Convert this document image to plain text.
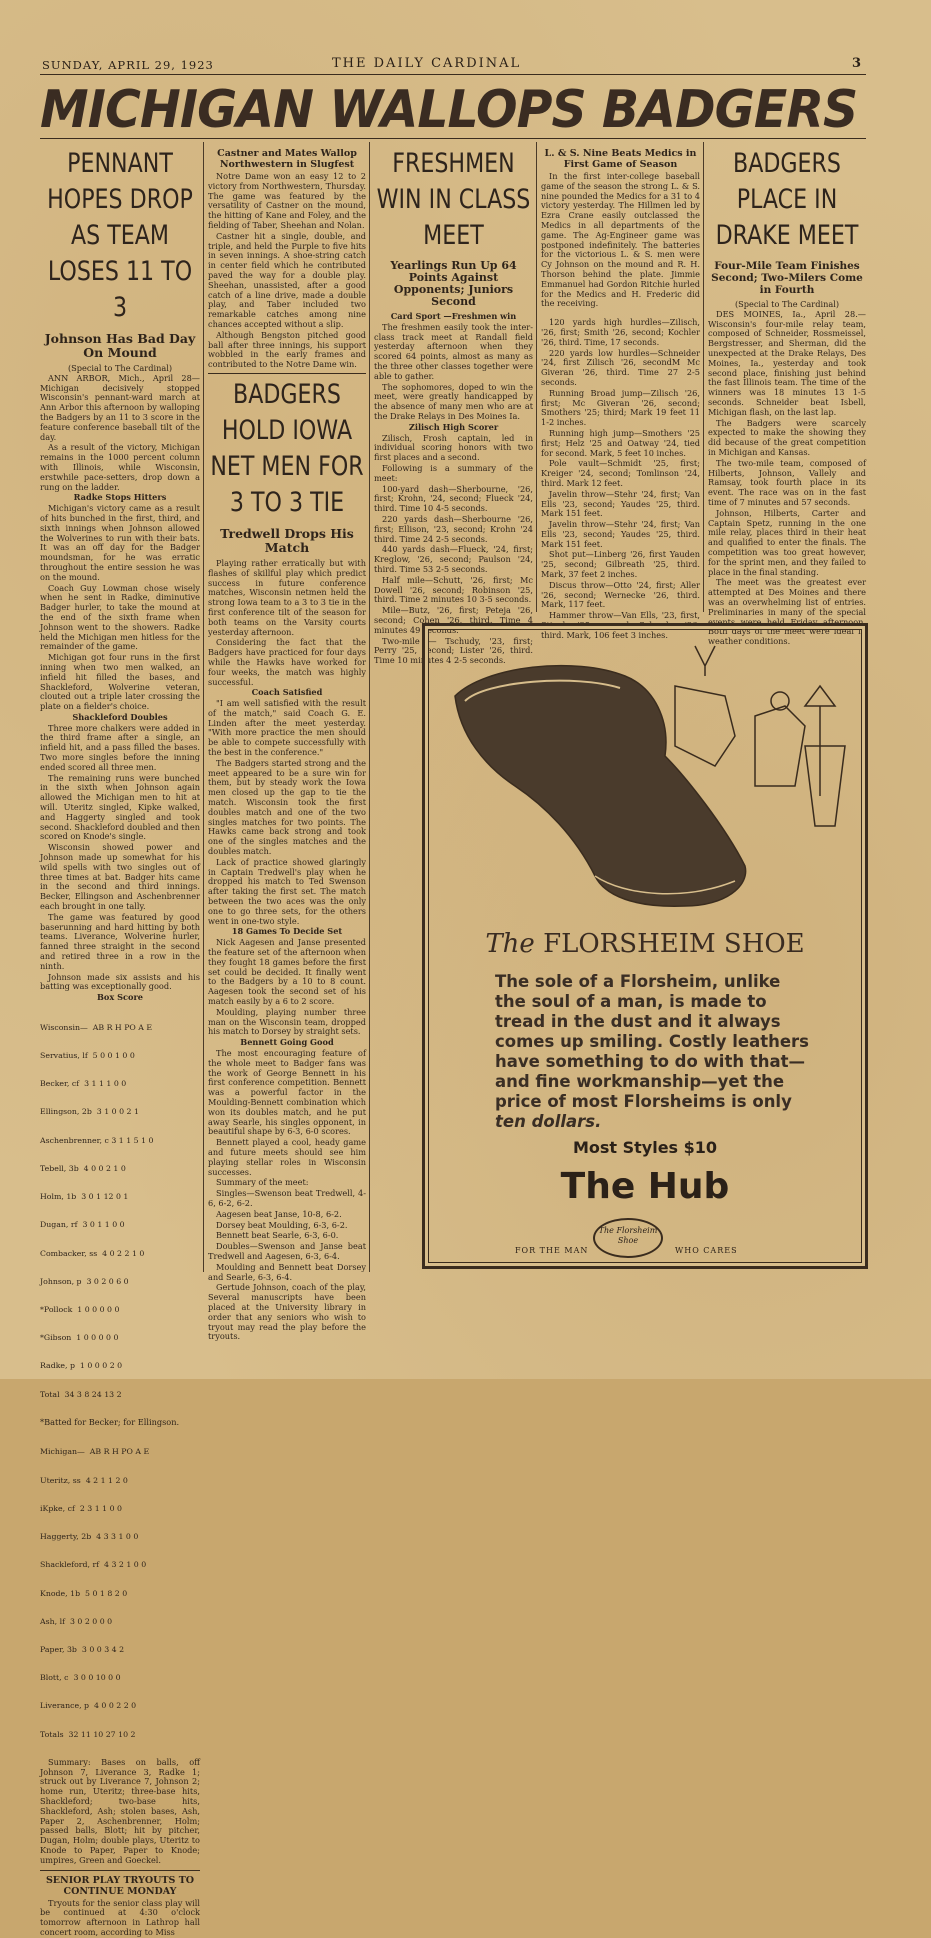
SUNDAY, APRIL 29, 1923	THE DAILY CARDINAL	3
MICHIGAN WALLOPS BADGERS
PENNANT HOPES DROP AS TEAM LOSES 11 TO 3
Johnson Has Bad Day On Mound
(Special to The Cardinal)

ANN ARBOR, Mich., April 28—Michigan decisively stopped Wisconsin's pennant-ward march at Ann Arbor this afternoon by walloping the Badgers by an 11 to 3 score in the feature conference baseball tilt of the day.

As a result of the victory, Michigan remains in the 1000 percent column with Illinois, while Wisconsin, erstwhile pace-setters, drop down a rung on the ladder.

Radke Stops Hitters

Michigan's victory came as a result of hits bunched in the first, third, and sixth innings when Johnson allowed the Wolverines to run with their bats. It was an off day for the Badger moundsman, for he was erratic throughout the entire session he was on the mound.

Coach Guy Lowman chose wisely when he sent in Radke, diminutive Badger hurler, to take the mound at the end of the sixth frame when Johnson went to the showers. Radke held the Michigan men hitless for the remainder of the game.

Michigan got four runs in the first inning when two men walked, an infield hit filled the bases, and Shackleford, Wolverine veteran, clouted out a triple later crossing the plate on a fielder's choice.

Shackleford Doubles

Three more chalkers were added in the third frame after a single, an infield hit, and a pass filled the bases. Two more singles before the inning ended scored all three men.

The remaining runs were bunched in the sixth when Johnson again allowed the Michigan men to hit at will. Uteritz singled, Kipke walked, and Haggerty singled and took second. Shackleford doubled and then scored on Knode's single.

Wisconsin showed power and Johnson made up somewhat for his wild spells with two singles out of three times at bat. Badger hits came in the second and third innings. Becker, Ellingson and Aschenbrenner each brought in one tally.

The game was featured by good baserunning and hard hitting by both teams. Liverance, Wolverine hurler, fanned three straight in the second and retired three in a row in the ninth.

Johnson made six assists and his batting was exceptionally good.

Box Score

Wisconsin—  AB R H PO A E

Servatius, lf  5 0 0 1 0 0

Becker, cf  3 1 1 1 0 0

Ellingson, 2b  3 1 0 0 2 1

Aschenbrenner, c 3 1 1 5 1 0

Tebell, 3b  4 0 0 2 1 0

Holm, 1b  3 0 1 12 0 1

Dugan, rf  3 0 1 1 0 0

Combacker, ss  4 0 2 2 1 0

Johnson, p  3 0 2 0 6 0

*Pollock  1 0 0 0 0 0

*Gibson  1 0 0 0 0 0

Radke, p  1 0 0 0 2 0

Total  34 3 8 24 13 2

*Batted for Becker; for Ellingson.

Michigan—  AB R H PO A E

Uteritz, ss  4 2 1 1 2 0

iKpke, cf  2 3 1 1 0 0

Haggerty, 2b  4 3 3 1 0 0

Shackleford, rf  4 3 2 1 0 0

Knode, 1b  5 0 1 8 2 0

Ash, lf  3 0 2 0 0 0

Paper, 3b  3 0 0 3 4 2

Blott, c  3 0 0 10 0 0

Liverance, p  4 0 0 2 2 0

Totals  32 11 10 27 10 2

Summary: Bases on balls, off Johnson 7, Liverance 3, Radke 1; struck out by Liverance 7, Johnson 2; home run, Uteritz; three-base hits, Shackleford; two-base hits, Shackleford, Ash; stolen bases, Ash, Paper 2, Aschenbrenner, Holm; passed balls, Blott; hit by pitcher, Dugan, Holm; double plays, Uteritz to Knode to Paper, Paper to Knode; umpires, Green and Goeckel.

SENIOR PLAY TRYOUTS TO CONTINUE MONDAY

Tryouts for the senior class play will be continued at 4:30 o'clock tomorrow afternoon in Lathrop hall concert room, according to Miss

Castner and Mates Wallop Northwestern in Slugfest

Notre Dame won an easy 12 to 2 victory from Northwestern, Thursday. The game was featured by the versatility of Castner on the mound, the hitting of Kane and Foley, and the fielding of Taber, Sheehan and Nolan.

Castner hit a single, double, and triple, and held the Purple to five hits in seven innings. A shoe-string catch in center field which he contributed paved the way for a double play. Sheehan, unassisted, after a good catch of a line drive, made a double play, and Taber included two remarkable catches among nine chances accepted without a slip.

Although Bengston pitched good ball after three innings, his support wobbled in the early frames and contributed to the Notre Dame win.

BADGERS HOLD IOWA NET MEN FOR 3 TO 3 TIE
Tredwell Drops His Match

Playing rather erratically but with flashes of skillful play which predict success in future conference matches, Wisconsin netmen held the strong Iowa team to a 3 to 3 tie in the first conference tilt of the season for both teams on the Varsity courts yesterday afternoon.

Considering the fact that the Badgers have practiced for four days while the Hawks have worked for four weeks, the match was highly successful.

Coach Satisfied

"I am well satisfied with the result of the match," said Coach G. E. Linden after the meet yesterday. "With more practice the men should be able to compete successfully with the best in the conference."

The Badgers started strong and the meet appeared to be a sure win for them, but by steady work the Iowa men closed up the gap to tie the match. Wisconsin took the first doubles match and one of the two singles matches for two points. The Hawks came back strong and took one of the singles matches and the doubles match.

Lack of practice showed glaringly in Captain Tredwell's play when he dropped his match to Ted Swenson after taking the first set. The match between the two aces was the only one to go three sets, for the others went in one-two style.

18 Games To Decide Set

Nick Aagesen and Janse presented the feature set of the afternoon when they fought 18 games before the first set could be decided. It finally went to the Badgers by a 10 to 8 count. Aagesen took the second set of his match easily by a 6 to 2 score.

Moulding, playing number three man on the Wisconsin team, dropped his match to Dorsey by straight sets.

Bennett Going Good

The most encouraging feature of the whole meet to Badger fans was the work of George Bennett in his first conference competition. Bennett was a powerful factor in the Moulding-Bennett combination which won its doubles match, and he put away Searle, his singles opponent, in beautiful shape by 6-3, 6-0 scores.

Bennett played a cool, heady game and future meets should see him playing stellar roles in Wisconsin successes.

Summary of the meet:

Singles—Swenson beat Tredwell, 4-6, 6-2, 6-2.

Aagesen beat Janse, 10-8, 6-2.

Dorsey beat Moulding, 6-3, 6-2.

Bennett beat Searle, 6-3, 6-0.

Doubles—Swenson and Janse beat Tredwell and Aagesen, 6-3, 6-4.

Moulding and Bennett beat Dorsey and Searle, 6-3, 6-4.

Gertude Johnson, coach of the play, Several manuscripts have been placed at the University library in order that any seniors who wish to tryout may read the play before the tryouts.

FRESHMEN WIN IN CLASS MEET
Yearlings Run Up 64 Points Against Opponents; Juniors Second

Card Sport —Freshmen win

The freshmen easily took the inter-class track meet at Randall field yesterday afternoon when they scored 64 points, almost as many as the three other classes together were able to gather.

The sophomores, doped to win the meet, were greatly handicapped by the absence of many men who are at the Drake Relays in Des Moines Ia.

Zilisch High Scorer

Zilisch, Frosh captain, led in individual scoring honors with two first places and a second.

Following is a summary of the meet:

100-yard dash—Sherbourne, '26, first; Krohn, '24, second; Flueck '24, third. Time 10 4-5 seconds.

220 yards dash—Sherbourne '26, first; Ellison, '23, second; Krohn '24 third. Time 24 2-5 seconds.

440 yards dash—Flueck, '24, first; Kreglow, '26, second; Paulson '24, third. Time 53 2-5 seconds.

Half mile—Schutt, '26, first; Mc Dowell '26, second; Robinson '25, third. Time 2 minutes 10 3-5 seconds.

Mile—Butz, '26, first; Peteja '26, second; Cohen '26, third. Time 4 minutes 49 seconds.

Two-mile — Tschudy, '23, first; Perry '25, second; Lister '26, third. Time 10 minutes 4 2-5 seconds.

L. & S. Nine Beats Medics in First Game of Season

In the first inter-college baseball game of the season the strong L. & S. nine pounded the Medics for a 31 to 4 victory yesterday. The Hillmen led by Ezra Crane easily outclassed the Medics in all departments of the game. The Ag-Engineer game was postponed indefinitely. The batteries for the victorious L. & S. men were Cy Johnson on the mound and R. H. Thorson behind the plate. Jimmie Emmanuel had Gordon Ritchie hurled for the Medics and H. Frederic did the receiving.

120 yards high hurdles—Zilisch, '26, first; Smith '26, second; Kochler '26, third. Time, 17 seconds.

220 yards low hurdles—Schneider '24, first Zilisch '26, secondM Mc Giveran '26, third. Time 27 2-5 seconds.

Running Broad jump—Zilisch '26, first; Mc Giveran '26, second; Smothers '25; third; Mark 19 feet 11 1-2 inches.

Running high jump—Smothers '25 first; Helz '25 and Oatway '24, tied for second. Mark, 5 feet 10 inches.

Pole vault—Schmidt '25, first; Kreiger '24, second; Tomlinson '24, third. Mark 12 feet.

Javelin throw—Stehr '24, first; Van Ells '23, second; Yaudes '25, third. Mark 151 feet.

Javelin throw—Stehr '24, first; Van Ells '23, second; Yaudes '25, third. Mark 151 feet.

Shot put—Linberg '26, first Yauden '25, second; Gilbreath '25, third. Mark, 37 feet 2 inches.

Discus throw—Otto '24, first; Aller '26, second; Wernecke '26, third. Mark, 117 feet.

Hammer throw—Van Ells, '23, first, Stipek, '25, second; Schrader '26, third. Mark, 106 feet 3 inches.

BADGERS PLACE IN DRAKE MEET
Four-Mile Team Finishes Second; Two-Milers Come in Fourth
(Special to The Cardinal)

DES MOINES, Ia., April 28.—Wisconsin's four-mile relay team, composed of Schneider, Rossmeissel, Bergstresser, and Sherman, did the unexpected at the Drake Relays, Des Moines, Ia., yesterday and took second place, finishing just behind the fast Illinois team. The time of the winners was 18 minutes 13 1-5 seconds. Schneider beat Isbell, Michigan flash, on the last lap.

The Badgers were scarcely expected to make the showing they did because of the great competition in Michigan and Kansas.

The two-mile team, composed of Hilberts, Johnson, Vallely and Ramsay, took fourth place in its event. The race was on in the fast time of 7 minutes and 57 seconds.

Johnson, Hilberts, Carter and Captain Spetz, running in the one mile relay, places third in their heat and qualified to enter the finals. The competition was too great however, for the sprint men, and they failed to place in the final standing.

The meet was the greatest ever attempted at Des Moines and there was an overwhelming list of entries. Preliminaries in many of the special events were held Friday afternoon. Both days of the meet were ideal in weather conditions.

The FLORSHEIM SHOE
The sole of a Florsheim, unlike the soul of a man, is made to tread in the dust and it always comes up smiling. Costly leathers have something to do with that—and fine workmanship—yet the price of most Florsheims is only ten dollars.
Most Styles $10
The Hub
FOR THE MAN	WHO CARES
The Florsheim Shoe
